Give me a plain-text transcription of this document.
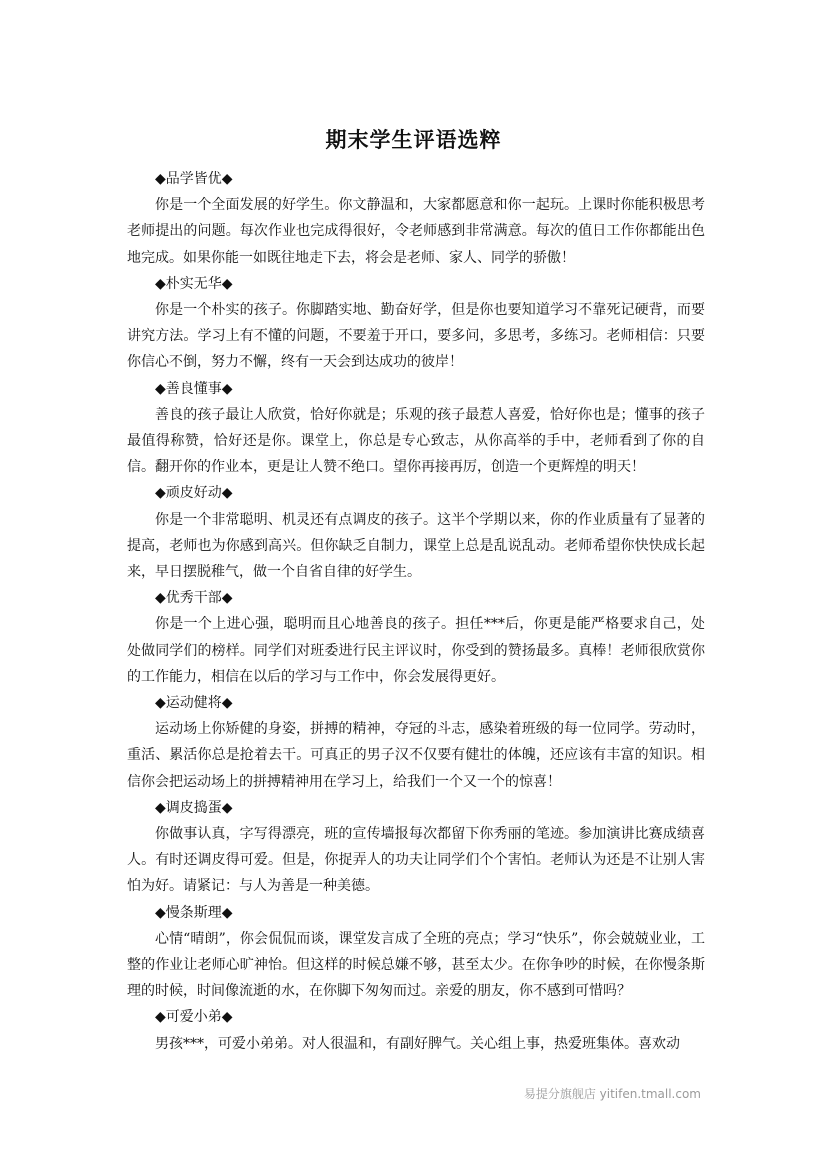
期末学生评语选粹
◆品学皆优◆

你是一个全面发展的好学生。你文静温和，大家都愿意和你一起玩。上课时你能积极思考老师提出的问题。每次作业也完成得很好，令老师感到非常满意。每次的值日工作你都能出色地完成。如果你能一如既往地走下去，将会是老师、家人、同学的骄傲！

◆朴实无华◆

你是一个朴实的孩子。你脚踏实地、勤奋好学，但是你也要知道学习不靠死记硬背，而要讲究方法。学习上有不懂的问题，不要羞于开口，要多问，多思考，多练习。老师相信：只要你信心不倒，努力不懈，终有一天会到达成功的彼岸！

◆善良懂事◆

善良的孩子最让人欣赏，恰好你就是；乐观的孩子最惹人喜爱，恰好你也是；懂事的孩子最值得称赞，恰好还是你。课堂上，你总是专心致志，从你高举的手中，老师看到了你的自信。翻开你的作业本，更是让人赞不绝口。望你再接再厉，创造一个更辉煌的明天！

◆顽皮好动◆

你是一个非常聪明、机灵还有点调皮的孩子。这半个学期以来，你的作业质量有了显著的提高，老师也为你感到高兴。但你缺乏自制力，课堂上总是乱说乱动。老师希望你快快成长起来，早日摆脱稚气，做一个自省自律的好学生。

◆优秀干部◆

你是一个上进心强，聪明而且心地善良的孩子。担任***后，你更是能严格要求自己，处处做同学们的榜样。同学们对班委进行民主评议时，你受到的赞扬最多。真棒！老师很欣赏你的工作能力，相信在以后的学习与工作中，你会发展得更好。

◆运动健将◆

运动场上你矫健的身姿，拼搏的精神，夺冠的斗志，感染着班级的每一位同学。劳动时，重活、累活你总是抢着去干。可真正的男子汉不仅要有健壮的体魄，还应该有丰富的知识。相信你会把运动场上的拼搏精神用在学习上，给我们一个又一个的惊喜！

◆调皮捣蛋◆

你做事认真，字写得漂亮，班的宣传墙报每次都留下你秀丽的笔迹。参加演讲比赛成绩喜人。有时还调皮得可爱。但是，你捉弄人的功夫让同学们个个害怕。老师认为还是不让别人害怕为好。请紧记：与人为善是一种美德。

◆慢条斯理◆

心情“晴朗”，你会侃侃而谈，课堂发言成了全班的亮点；学习“快乐”，你会兢兢业业，工整的作业让老师心旷神怡。但这样的时候总嫌不够，甚至太少。在你争吵的时候，在你慢条斯理的时候，时间像流逝的水，在你脚下匆匆而过。亲爱的朋友，你不感到可惜吗？

◆可爱小弟◆

男孩***，可爱小弟弟。对人很温和，有副好脾气。关心组上事，热爱班集体。喜欢动

易提分旗舰店 yitifen.tmall.com
